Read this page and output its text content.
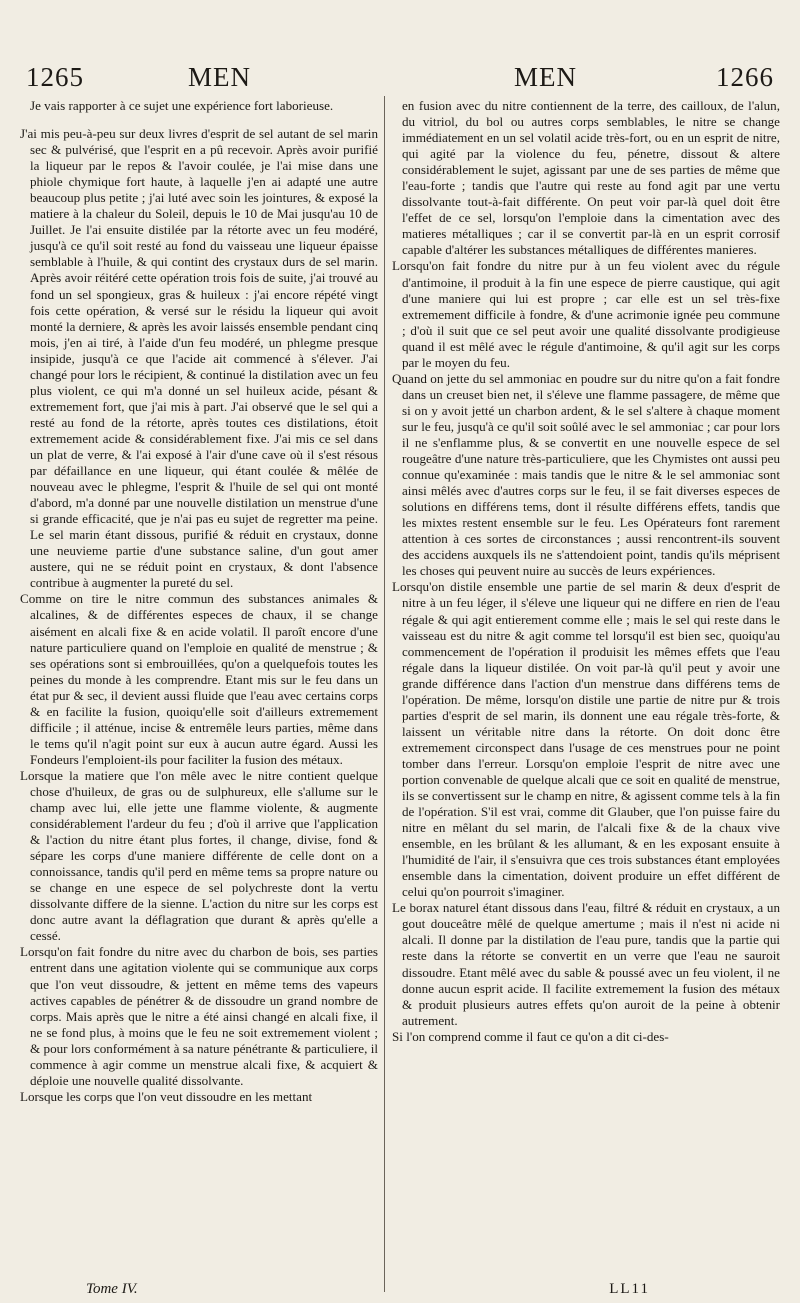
1265	MEN	MEN	1266

Je vais rapporter à ce sujet une expérience fort laborieuse.

J'ai mis peu-à-peu sur deux livres d'esprit de sel autant de sel marin sec & pulvérisé, que l'esprit en a pû recevoir. Après avoir purifié la liqueur par le repos & l'avoir coulée, je l'ai mise dans une phiole chymique fort haute, à laquelle j'en ai adapté une autre beaucoup plus petite ; j'ai luté avec soin les jointures, & exposé la matiere à la chaleur du Soleil, depuis le 10 de Mai jusqu'au 10 de Juillet. Je l'ai ensuite distilée par la rétorte avec un feu modéré, jusqu'à ce qu'il soit resté au fond du vaisseau une liqueur épaisse semblable à l'huile, & qui contint des crystaux durs de sel marin. Après avoir réitéré cette opération trois fois de suite, j'ai trouvé au fond un sel spongieux, gras & huileux : j'ai encore répété vingt fois cette opération, & versé sur le résidu la liqueur qui avoit monté la derniere, & après les avoir laissés ensemble pendant cinq mois, j'en ai tiré, à l'aide d'un feu modéré, un phlegme presque insipide, jusqu'à ce que l'acide ait commencé à s'élever. J'ai changé pour lors le récipient, & continué la distilation avec un feu plus violent, ce qui m'a donné un sel huileux acide, pésant & extremement fort, que j'ai mis à part. J'ai observé que le sel qui a resté au fond de la rétorte, après toutes ces distilations, étoit extremement acide & considérablement fixe. J'ai mis ce sel dans un plat de verre, & l'ai exposé à l'air d'une cave où il s'est résous par défaillance en une liqueur, qui étant coulée & mêlée de nouveau avec le phlegme, l'esprit & l'huile de sel qui ont monté d'abord, m'a donné par une nouvelle distilation un menstrue d'une si grande efficacité, que je n'ai pas eu sujet de regretter ma peine. Le sel marin étant dissous, purifié & réduit en crystaux, donne une neuvieme partie d'une substance saline, d'un gout amer austere, qui ne se réduit point en crystaux, & dont l'absence contribue à augmenter la pureté du sel.

Comme on tire le nitre commun des substances animales & alcalines, & de différentes especes de chaux, il se change aisément en alcali fixe & en acide volatil. Il paroît encore d'une nature particuliere quand on l'emploie en qualité de menstrue ; & ses opérations sont si embrouillées, qu'on a quelquefois toutes les peines du monde à les comprendre. Etant mis sur le feu dans un état pur & sec, il devient aussi fluide que l'eau avec certains corps & en facilite la fusion, quoiqu'elle soit d'ailleurs extremement difficile ; il atténue, incise & entremêle leurs parties, même dans le tems qu'il n'agit point sur eux à aucun autre égard. Aussi les Fondeurs l'emploient-ils pour faciliter la fusion des métaux.

Lorsque la matiere que l'on mêle avec le nitre contient quelque chose d'huileux, de gras ou de sulphureux, elle s'allume sur le champ avec lui, elle jette une flamme violente, & augmente considérablement l'ardeur du feu ; d'où il arrive que l'application & l'action du nitre étant plus fortes, il change, divise, fond & sépare les corps d'une maniere différente de celle dont on a connoissance, tandis qu'il perd en même tems sa propre nature ou se change en une espece de sel polychreste dont la vertu dissolvante differe de la sienne. L'action du nitre sur les corps est donc autre avant la déflagration que durant & après qu'elle a cessé.

Lorsqu'on fait fondre du nitre avec du charbon de bois, ses parties entrent dans une agitation violente qui se communique aux corps que l'on veut dissoudre, & jettent en même tems des vapeurs actives capables de pénétrer & de dissoudre un grand nombre de corps. Mais après que le nitre a été ainsi changé en alcali fixe, il ne se fond plus, à moins que le feu ne soit extremement violent ; & pour lors conformément à sa nature pénétrante & particuliere, il commence à agir comme un menstrue alcali fixe, & acquiert & déploie une nouvelle qualité dissolvante.

Lorsque les corps que l'on veut dissoudre en les mettant

en fusion avec du nitre contiennent de la terre, des cailloux, de l'alun, du vitriol, du bol ou autres corps semblables, le nitre se change immédiatement en un sel volatil acide très-fort, ou en un esprit de nitre, qui agité par la violence du feu, pénetre, dissout & altere considérablement le sujet, agissant par une de ses parties de même que l'eau-forte ; tandis que l'autre qui reste au fond agit par une vertu dissolvante tout-à-fait différente. On peut voir par-là quel doit être l'effet de ce sel, lorsqu'on l'emploie dans la cimentation avec des matieres métalliques ; car il se convertit par-là en un esprit corrosif capable d'altérer les substances métalliques de différentes manieres.

Lorsqu'on fait fondre du nitre pur à un feu violent avec du régule d'antimoine, il produit à la fin une espece de pierre caustique, qui agit d'une maniere qui lui est propre ; car elle est un sel très-fixe extremement difficile à fondre, & d'une acrimonie ignée peu commune ; d'où il suit que ce sel peut avoir une qualité dissolvante prodigieuse quand il est mêlé avec le régule d'antimoine, & qu'il agit sur les corps par le moyen du feu.

Quand on jette du sel ammoniac en poudre sur du nitre qu'on a fait fondre dans un creuset bien net, il s'éleve une flamme passagere, de même que si on y avoit jetté un charbon ardent, & le sel s'altere à chaque moment sur le feu, jusqu'à ce qu'il soit soûlé avec le sel ammoniac ; car pour lors il ne s'enflamme plus, & se convertit en une nouvelle espece de sel rougeâtre d'une nature très-particuliere, que les Chymistes ont aussi peu connue qu'examinée : mais tandis que le nitre & le sel ammoniac sont ainsi mêlés avec d'autres corps sur le feu, il se fait diverses especes de solutions en différens tems, dont il résulte différens effets, tandis que les mixtes restent ensemble sur le feu. Les Opérateurs font rarement attention à ces sortes de circonstances ; aussi rencontrent-ils souvent des accidens auxquels ils ne s'attendoient point, tandis qu'ils méprisent les choses qui peuvent nuire au succès de leurs expériences.

Lorsqu'on distile ensemble une partie de sel marin & deux d'esprit de nitre à un feu léger, il s'éleve une liqueur qui ne differe en rien de l'eau régale & qui agit entierement comme elle ; mais le sel qui reste dans le vaisseau est du nitre & agit comme tel lorsqu'il est bien sec, quoiqu'au commencement de l'opération il produisit les mêmes effets que l'eau régale dans la liqueur distilée. On voit par-là qu'il peut y avoir une grande différence dans l'action d'un menstrue dans différens tems de l'opération. De même, lorsqu'on distile une partie de nitre pur & trois parties d'esprit de sel marin, ils donnent une eau régale très-forte, & laissent un véritable nitre dans la rétorte. On doit donc être extremement circonspect dans l'usage de ces menstrues pour ne point tomber dans l'erreur. Lorsqu'on emploie l'esprit de nitre avec une portion convenable de quelque alcali que ce soit en qualité de menstrue, ils se convertissent sur le champ en nitre, & agissent comme tels à la fin de l'opération. S'il est vrai, comme dit Glauber, que l'on puisse faire du nitre en mêlant du sel marin, de l'alcali fixe & de la chaux vive ensemble, en les brûlant & les allumant, & en les exposant ensuite à l'humidité de l'air, il s'ensuivra que ces trois substances étant employées ensemble dans la cimentation, doivent produire un effet différent de celui qu'on pourroit s'imaginer.

Le borax naturel étant dissous dans l'eau, filtré & réduit en crystaux, a un gout douceâtre mêlé de quelque amertume ; mais il n'est ni acide ni alcali. Il donne par la distilation de l'eau pure, tandis que la partie qui reste dans la rétorte se convertit en un verre que l'eau ne sauroit dissoudre. Etant mêlé avec du sable & poussé avec un feu violent, il ne donne aucun esprit acide. Il facilite extremement la fusion des métaux & produit plusieurs autres effets qu'on auroit de la peine à obtenir autrement.

Si l'on comprend comme il faut ce qu'on a dit ci-des-

Tome IV.	LL11
